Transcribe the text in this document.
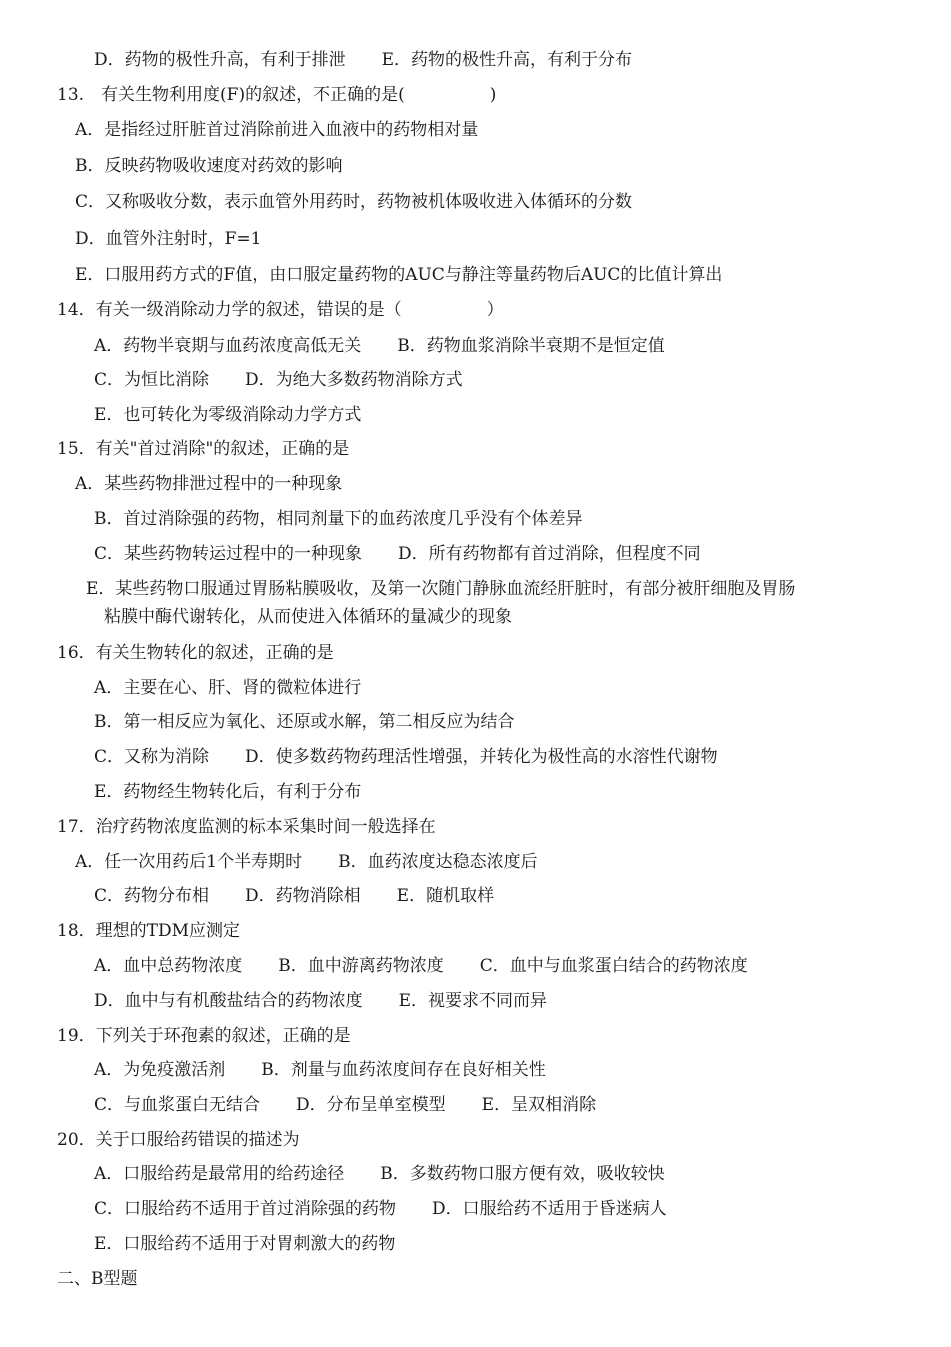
D．药物的极性升高，有利于排泄 E．药物的极性升高，有利于分布
13.　有关生物利用度(F)的叙述，不正确的是(　　　　　)
A．是指经过肝脏首过消除前进入血液中的药物相对量
B．反映药物吸收速度对药效的影响
C．又称吸收分数，表示血管外用药时，药物被机体吸收进入体循环的分数
D．血管外注射时，F=1
E．口服用药方式的F值，由口服定量药物的AUC与静注等量药物后AUC的比值计算出
14．有关一级消除动力学的叙述，错误的是（　　　　　）
A．药物半衰期与血药浓度高低无关 B．药物血浆消除半衰期不是恒定值
C．为恒比消除 D．为绝大多数药物消除方式
E．也可转化为零级消除动力学方式
15．有关"首过消除"的叙述，正确的是
A．某些药物排泄过程中的一种现象
B．首过消除强的药物，相同剂量下的血药浓度几乎没有个体差异
C．某些药物转运过程中的一种现象 D．所有药物都有首过消除，但程度不同
E．某些药物口服通过胃肠粘膜吸收，及第一次随门静脉血流经肝脏时，有部分被肝细胞及胃肠
粘膜中酶代谢转化，从而使进入体循环的量减少的现象
16．有关生物转化的叙述，正确的是
A．主要在心、肝、肾的微粒体进行
B．第一相反应为氧化、还原或水解，第二相反应为结合
C．又称为消除 D．使多数药物药理活性增强，并转化为极性高的水溶性代谢物
E．药物经生物转化后，有利于分布
17．治疗药物浓度监测的标本采集时间一般选择在
A．任一次用药后1个半寿期时 B．血药浓度达稳态浓度后
C．药物分布相 D．药物消除相 E．随机取样
18．理想的TDM应测定
A．血中总药物浓度 B．血中游离药物浓度 C．血中与血浆蛋白结合的药物浓度
D．血中与有机酸盐结合的药物浓度 E．视要求不同而异
19．下列关于环孢素的叙述，正确的是
A．为免疫激活剂 B．剂量与血药浓度间存在良好相关性
C．与血浆蛋白无结合 D．分布呈单室模型 E．呈双相消除
20．关于口服给药错误的描述为
A．口服给药是最常用的给药途径 B．多数药物口服方便有效，吸收较快
C．口服给药不适用于首过消除强的药物 D．口服给药不适用于昏迷病人
E．口服给药不适用于对胃刺激大的药物
二、B型题
